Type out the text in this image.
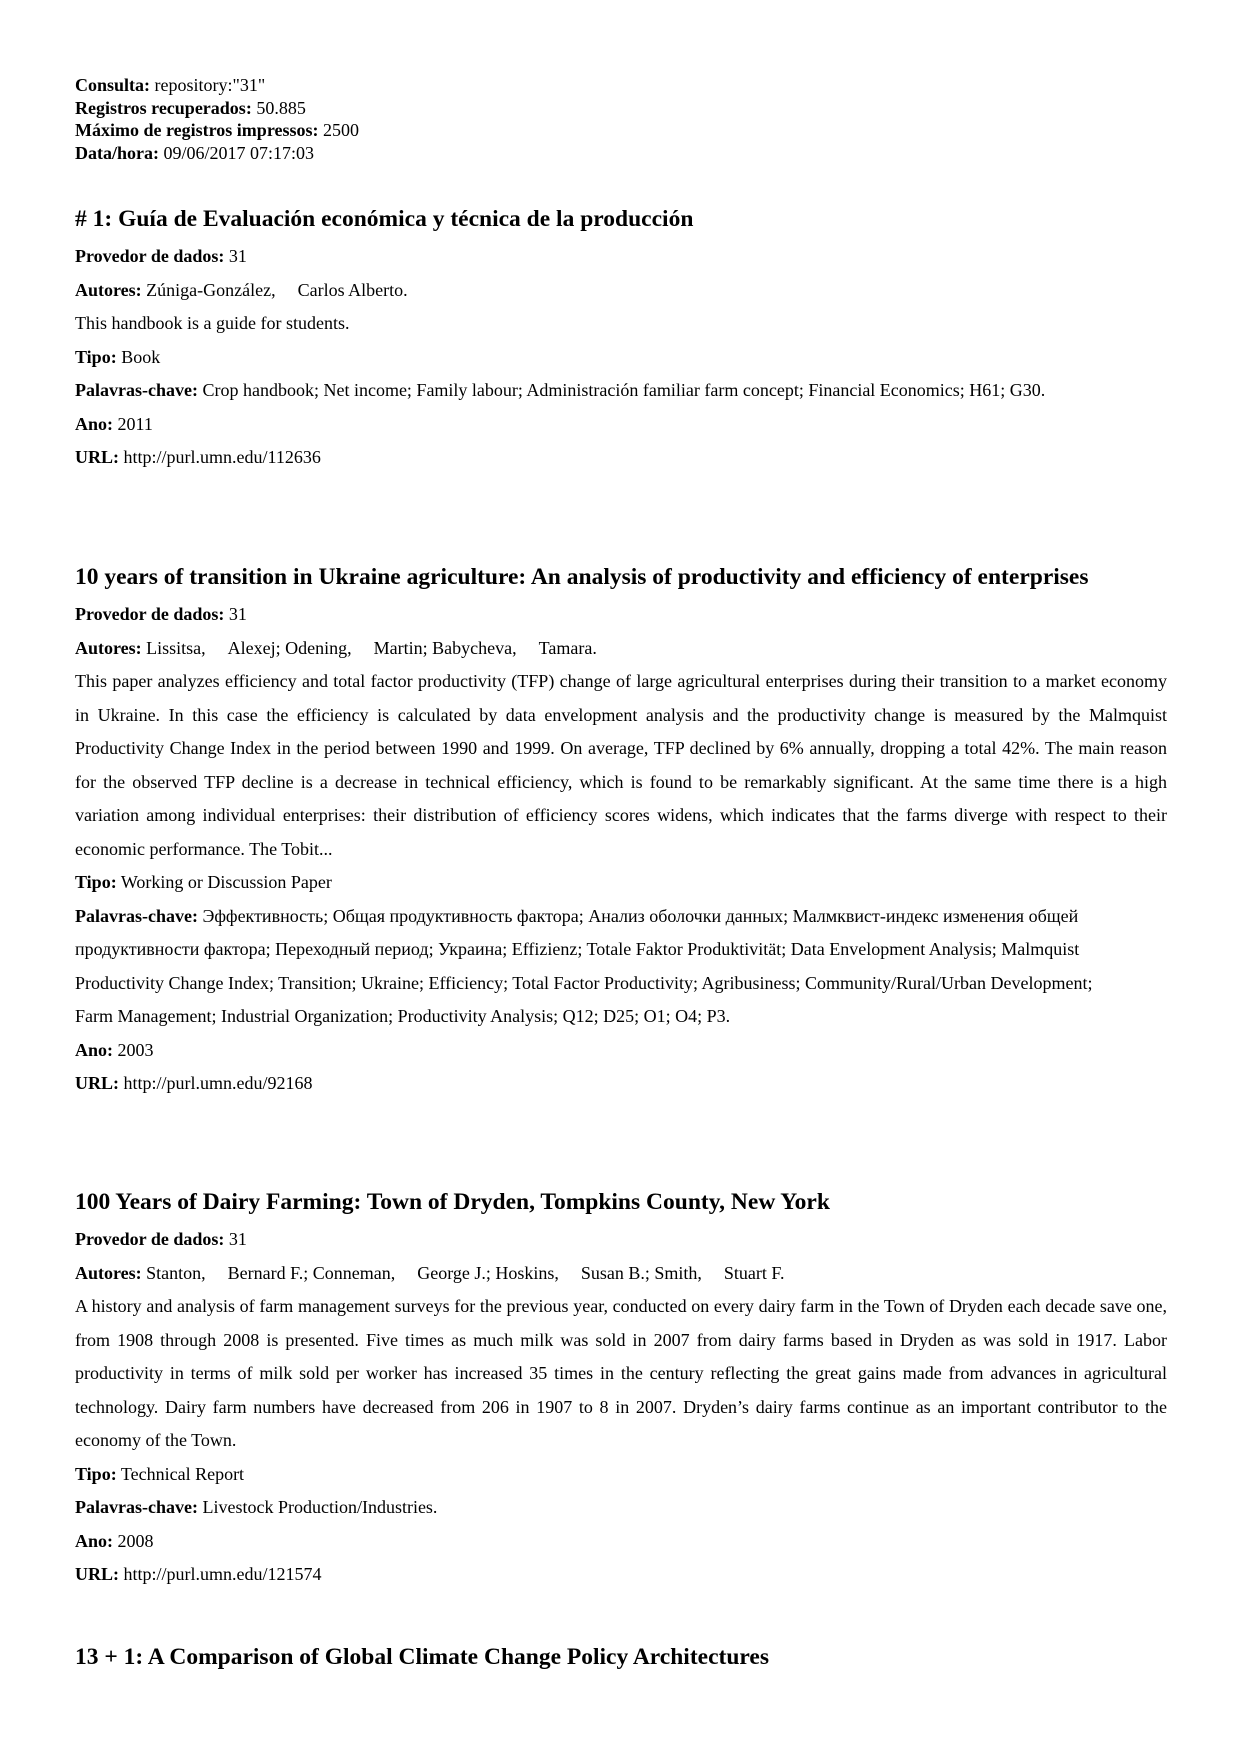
Consulta: repository:"31"
Registros recuperados: 50.885
Máximo de registros impressos: 2500
Data/hora: 09/06/2017 07:17:03
# 1: Guía de Evaluación económica y técnica de la producción
Provedor de dados: 31
Autores: Zúniga-González, Carlos Alberto.
This handbook is a guide for students.
Tipo: Book
Palavras-chave: Crop handbook; Net income; Family labour; Administración familiar farm concept; Financial Economics; H61; G30.
Ano: 2011
URL: http://purl.umn.edu/112636
10 years of transition in Ukraine agriculture: An analysis of productivity and efficiency of enterprises
Provedor de dados: 31
Autores: Lissitsa, Alexej; Odening, Martin; Babycheva, Tamara.
This paper analyzes efficiency and total factor productivity (TFP) change of large agricultural enterprises during their transition to a market economy in Ukraine. In this case the efficiency is calculated by data envelopment analysis and the productivity change is measured by the Malmquist Productivity Change Index in the period between 1990 and 1999. On average, TFP declined by 6% annually, dropping a total 42%. The main reason for the observed TFP decline is a decrease in technical efficiency, which is found to be remarkably significant. At the same time there is a high variation among individual enterprises: their distribution of efficiency scores widens, which indicates that the farms diverge with respect to their economic performance. The Tobit...
Tipo: Working or Discussion Paper
Palavras-chave: Эффективность; Общая продуктивность фактора; Анализ оболочки данных; Малмквист-индекс изменения общей продуктивности фактора; Переходный период; Украина; Effizienz; Totale Faktor Produktivität; Data Envelopment Analysis; Malmquist Productivity Change Index; Transition; Ukraine; Efficiency; Total Factor Productivity; Agribusiness; Community/Rural/Urban Development; Farm Management; Industrial Organization; Productivity Analysis; Q12; D25; O1; O4; P3.
Ano: 2003
URL: http://purl.umn.edu/92168
100 Years of Dairy Farming: Town of Dryden, Tompkins County, New York
Provedor de dados: 31
Autores: Stanton, Bernard F.; Conneman, George J.; Hoskins, Susan B.; Smith, Stuart F.
A history and analysis of farm management surveys for the previous year, conducted on every dairy farm in the Town of Dryden each decade save one, from 1908 through 2008 is presented. Five times as much milk was sold in 2007 from dairy farms based in Dryden as was sold in 1917. Labor productivity in terms of milk sold per worker has increased 35 times in the century reflecting the great gains made from advances in agricultural technology. Dairy farm numbers have decreased from 206 in 1907 to 8 in 2007. Dryden’s dairy farms continue as an important contributor to the economy of the Town.
Tipo: Technical Report
Palavras-chave: Livestock Production/Industries.
Ano: 2008
URL: http://purl.umn.edu/121574
13 + 1: A Comparison of Global Climate Change Policy Architectures
